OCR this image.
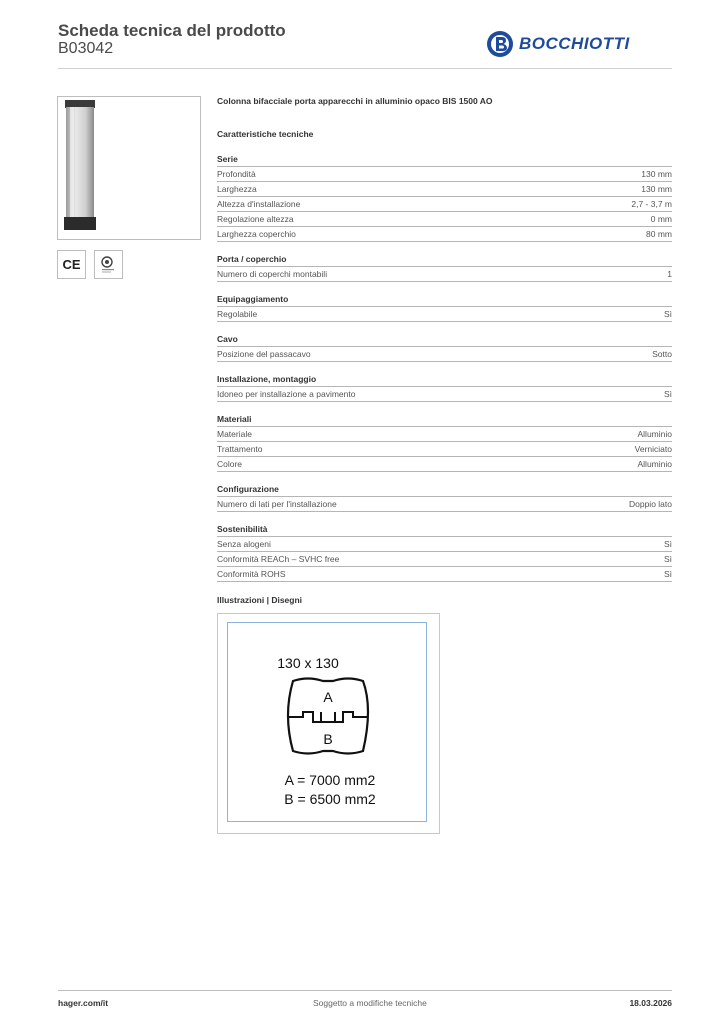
Scheda tecnica del prodotto
B03042	BOCCHIOTTI
CE
Colonna bifacciale porta apparecchi in alluminio opaco BIS 1500 AO
Caratteristiche tecniche
Serie
Profondità	130 mm
Larghezza	130 mm
Altezza d'installazione	2,7 - 3,7 m
Regolazione altezza	0 mm
Larghezza coperchio	80 mm
Porta / coperchio
Numero di coperchi montabili	1
Equipaggiamento
Regolabile	Sì
Cavo
Posizione del passacavo	Sotto
Installazione, montaggio
Idoneo per installazione a pavimento	Sì
Materiali
Materiale	Alluminio
Trattamento	Verniciato
Colore	Alluminio
Configurazione
Numero di lati per l'installazione	Doppio lato
Sostenibilità
Senza alogeni	Sì
Conformità REACh – SVHC free	Sì
Conformità ROHS	Sì
Illustrazioni | Disegni
130 x 130
A
B
A = 7000 mm2
B = 6500 mm2
hager.com/it	Soggetto a modifiche tecniche	18.03.2026
